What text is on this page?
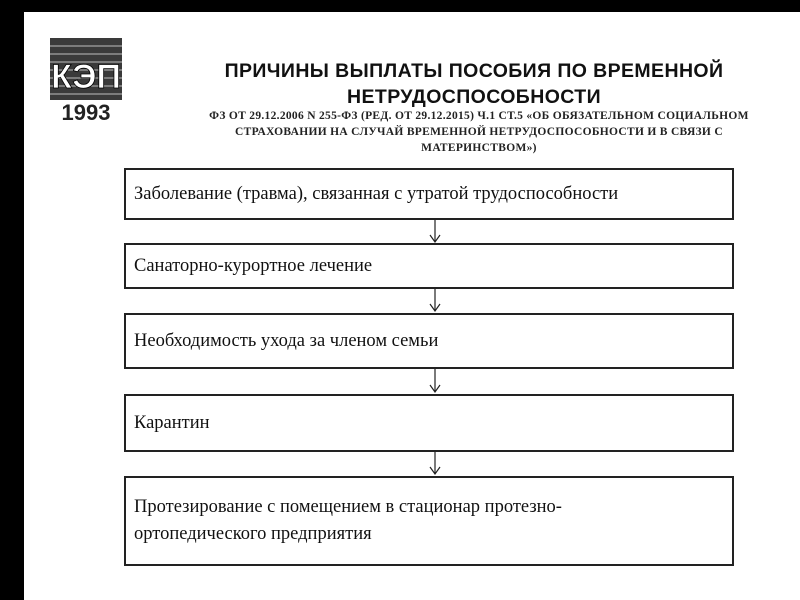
КЭП
1993
ПРИЧИНЫ ВЫПЛАТЫ ПОСОБИЯ ПО ВРЕМЕННОЙ
НЕТРУДОСПОСОБНОСТИ
ФЗ ОТ 29.12.2006 N 255-ФЗ (РЕД. ОТ 29.12.2015) Ч.1 СТ.5 «ОБ ОБЯЗАТЕЛЬНОМ СОЦИАЛЬНОМ
СТРАХОВАНИИ НА СЛУЧАЙ ВРЕМЕННОЙ НЕТРУДОСПОСОБНОСТИ И В СВЯЗИ С
МАТЕРИНСТВОМ»)
Заболевание (травма), связанная с утратой трудоспособности
Санаторно-курортное лечение
Необходимость ухода за членом семьи
Карантин
Протезирование с помещением в стационар протезно-
ортопедического предприятия
